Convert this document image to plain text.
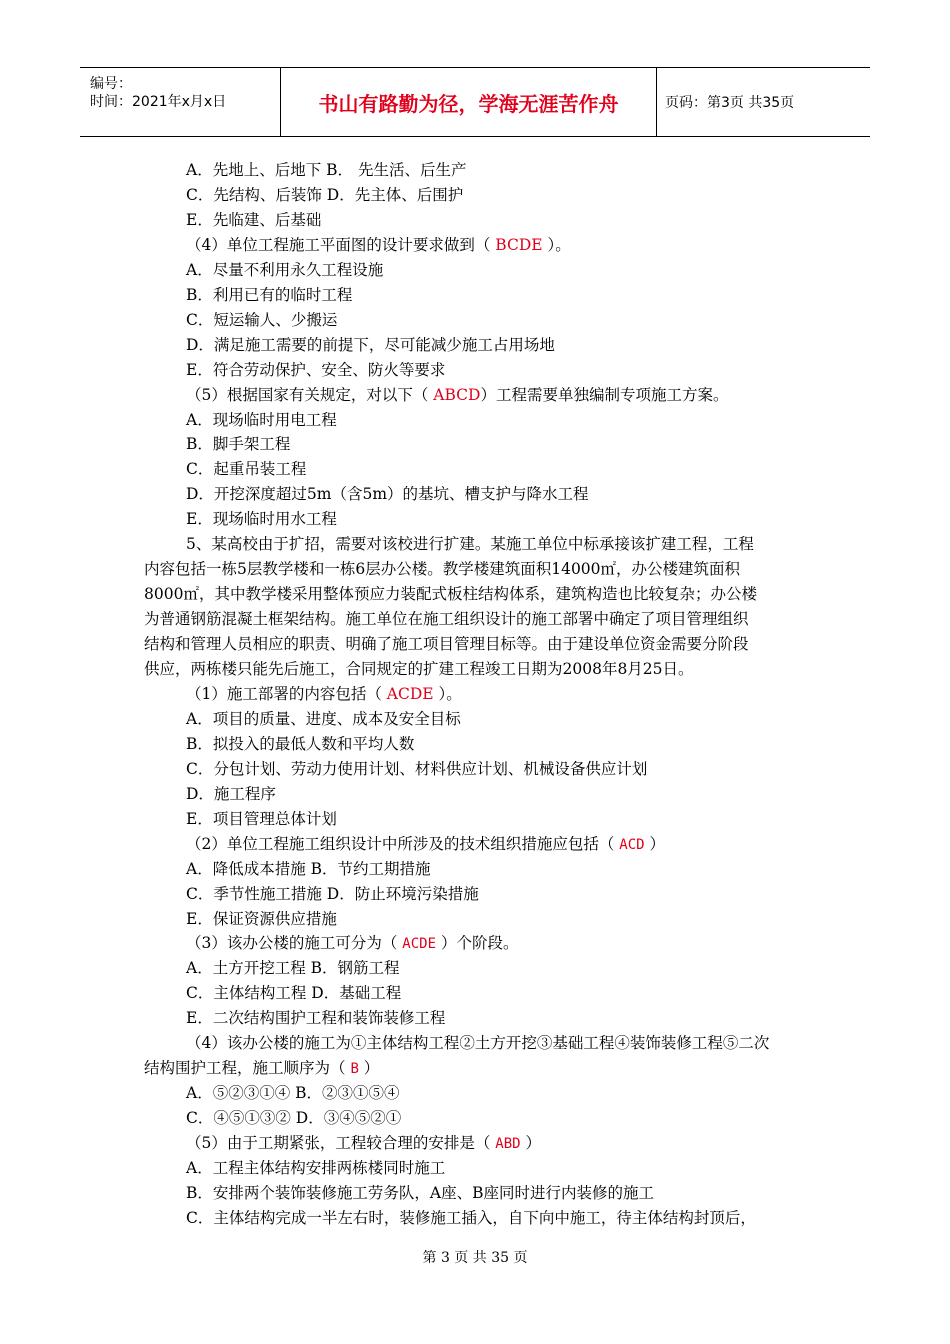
编号：
时间：2021年x月x日	书山有路勤为径，学海无涯苦作舟	页码：第3页 共35页
A．先地上、后地下 B． 先生活、后生产
C．先结构、后装饰 D．先主体、后围护
E．先临建、后基础
（4）单位工程施工平面图的设计要求做到（ BCDE ）。
A．尽量不利用永久工程设施
B．利用已有的临时工程
C．短运输人、少搬运
D．满足施工需要的前提下，尽可能减少施工占用场地
E．符合劳动保护、安全、防火等要求
（5）根据国家有关规定，对以下（ ABCD）工程需要单独编制专项施工方案。
A．现场临时用电工程
B．脚手架工程
C．起重吊装工程
D．开挖深度超过5m（含5m）的基坑、槽支护与降水工程
E．现场临时用水工程
5、某高校由于扩招，需要对该校进行扩建。某施工单位中标承接该扩建工程，工程
内容包括一栋5层教学楼和一栋6层办公楼。教学楼建筑面积14000㎡，办公楼建筑面积
8000㎡，其中教学楼采用整体预应力装配式板柱结构体系，建筑构造也比较复杂；办公楼
为普通钢筋混凝土框架结构。施工单位在施工组织设计的施工部署中确定了项目管理组织
结构和管理人员相应的职责、明确了施工项目管理目标等。由于建设单位资金需要分阶段
供应，两栋楼只能先后施工，合同规定的扩建工程竣工日期为2008年8月25日。
（1）施工部署的内容包括（ ACDE ）。
A．项目的质量、进度、成本及安全目标
B．拟投入的最低人数和平均人数
C．分包计划、劳动力使用计划、材料供应计划、机械设备供应计划
D．施工程序
E．项目管理总体计划
（2）单位工程施工组织设计中所涉及的技术组织措施应包括（ ACD ）
A．降低成本措施 B．节约工期措施
C．季节性施工措施 D．防止环境污染措施
E．保证资源供应措施
（3）该办公楼的施工可分为（ ACDE ）个阶段。
A．土方开挖工程 B．钢筋工程
C．主体结构工程 D．基础工程
E．二次结构围护工程和装饰装修工程
（4）该办公楼的施工为①主体结构工程②土方开挖③基础工程④装饰装修工程⑤二次
结构围护工程，施工顺序为（ B ）
A．⑤②③①④ B．②③①⑤④
C．④⑤①③② D．③④⑤②①
（5）由于工期紧张，工程较合理的安排是（ ABD ）
A．工程主体结构安排两栋楼同时施工
B．安排两个装饰装修施工劳务队，A座、B座同时进行内装修的施工
C．主体结构完成一半左右时，装修施工插入，自下向中施工，待主体结构封顶后，
第 3 页 共 35 页
